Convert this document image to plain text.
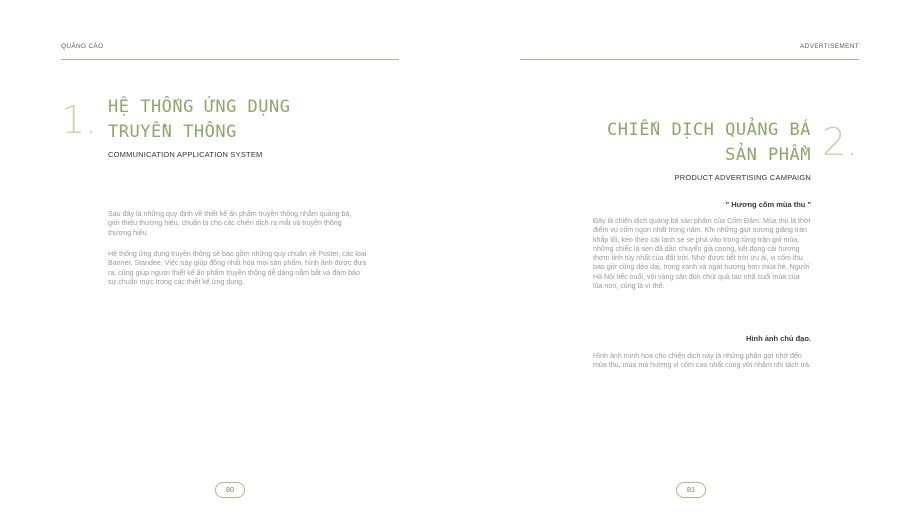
QUẢNG CÁO
1. HỆ THỐNG ỨNG DỤNG
TRUYỀN THÔNG
COMMUNICATION APPLICATION SYSTEM
Sau đây là những quy định về thiết kế ấn phẩm truyền thông nhằm quảng bá, giới thiệu thương hiệu, chuẩn bị cho các chiến dịch ra mắt và truyền thông thương hiệu.
Hệ thống ứng dụng truyền thông sẽ bao gồm những quy chuẩn về Poster, các loại Banner, Standee. Việc này giúp đồng nhất hóa mọi sản phẩm, hình ảnh được đưa ra, cũng giúp người thiết kế ấn phẩm truyền thông dễ dàng nắm bắt và đảm bảo sự chuẩn mực trong các thiết kế ứng dụng.
80
ADVERTISEMENT
CHIẾN DỊCH QUẢNG BÁ
SẢN PHẨM 2.
PRODUCT ADVERTISING CAMPAIGN
" Hương cốm mùa thu "
Đây là chiến dịch quảng bá sản phẩm của Cốm Đậm. Mùa thu là thời điểm vụ cốm ngon nhất trong năm. Khi những giọt sương giăng tràn khắp lối, kéo theo cái lạnh se se phả vào trong từng trận gió mùa, những chiếc lá sen đã dần chuyển già coong, kết đọng cái hương thơm tinh túy nhất của đất trời. Nhờ được tiết trời ưu ái, vị cốm thu bao giờ cũng dẻo dai, trong xanh và ngát hương hơn mùa hè. Người Hà Nội tiếc nuối, vội vàng săn đón chút quà tao nhã cuối mùa của lúa non, cũng là vì thế.
Hình ảnh chủ đạo.
Hình ảnh minh họa cho chiến dịch này là những phần gợi nhớ đến mùa thu, mùa mà hương vị cốm cao nhất cùng với nhâm nhi tách trà.
81
